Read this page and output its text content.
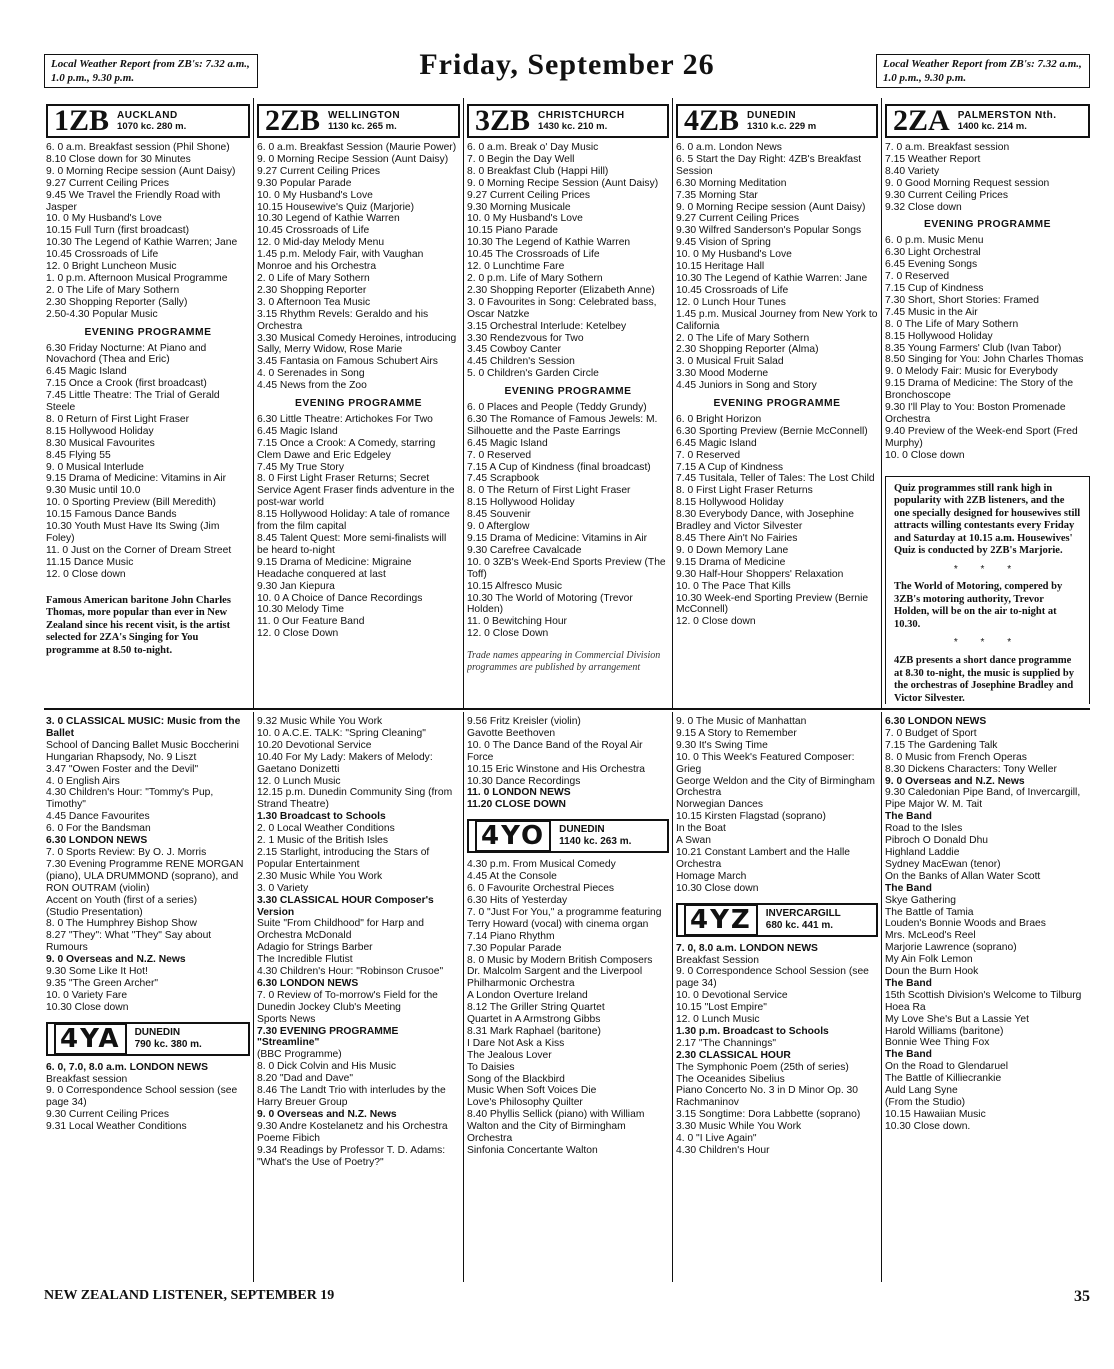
Local Weather Report from ZB's: 7.32 a.m., 1.0 p.m., 9.30 p.m.	Friday, September 26	Local Weather Report from ZB's: 7.32 a.m., 1.0 p.m., 9.30 p.m.
1ZB AUCKLAND
1070 kc. 280 m.
6. 0 a.m. Breakfast session (Phil Shone)
8.10 Close down for 30 Minutes
9. 0 Morning Recipe session (Aunt Daisy)
9.27 Current Ceiling Prices
9.45 We Travel the Friendly Road with Jasper
10. 0 My Husband's Love
10.15 Full Turn (first broadcast)
10.30 The Legend of Kathie Warren; Jane
10.45 Crossroads of Life
12. 0 Bright Luncheon Music
1. 0 p.m. Afternoon Musical Programme
2. 0 The Life of Mary Sothern
2.30 Shopping Reporter (Sally)
2.50-4.30 Popular Music
EVENING PROGRAMME
6.30 Friday Nocturne: At Piano and Novachord (Thea and Eric)
6.45 Magic Island
7.15 Once a Crook (first broadcast)
7.45 Little Theatre: The Trial of Gerald Steele
8. 0 Return of First Light Fraser
8.15 Hollywood Holiday
8.30 Musical Favourites
8.45 Flying 55
9. 0 Musical Interlude
9.15 Drama of Medicine: Vitamins in Air
9.30 Music until 10.0
10. 0 Sporting Preview (Bill Meredith)
10.15 Famous Dance Bands
10.30 Youth Must Have Its Swing (Jim Foley)
11. 0 Just on the Corner of Dream Street
11.15 Dance Music
12. 0 Close down
Famous American baritone John Charles Thomas, more popular than ever in New Zealand since his recent visit, is the artist selected for 2ZA's Singing for You programme at 8.50 to-night.
2ZB WELLINGTON
1130 kc. 265 m.
6. 0 a.m. Breakfast Session (Maurie Power)
9. 0 Morning Recipe Session (Aunt Daisy)
9.27 Current Ceiling Prices
9.30 Popular Parade
10. 0 My Husband's Love
10.15 Housewive's Quiz (Marjorie)
10.30 Legend of Kathie Warren
10.45 Crossroads of Life
12. 0 Mid-day Melody Menu
1.45 p.m. Melody Fair, with Vaughan Monroe and his Orchestra
2. 0 Life of Mary Sothern
2.30 Shopping Reporter
3. 0 Afternoon Tea Music
3.15 Rhythm Revels: Geraldo and his Orchestra
3.30 Musical Comedy Heroines, introducing Sally, Merry Widow, Rose Marie
3.45 Fantasia on Famous Schubert Airs
4. 0 Serenades in Song
4.45 News from the Zoo
EVENING PROGRAMME
6.30 Little Theatre: Artichokes For Two
6.45 Magic Island
7.15 Once a Crook: A Comedy, starring Clem Dawe and Eric Edgeley
7.45 My True Story
8. 0 First Light Fraser Returns; Secret Service Agent Fraser finds adventure in the post-war world
8.15 Hollywood Holiday: A tale of romance from the film capital
8.45 Talent Quest: More semi-finalists will be heard to-night
9.15 Drama of Medicine: Migraine Headache conquered at last
9.30 Jan Kiepura
10. 0 A Choice of Dance Recordings
10.30 Melody Time
11. 0 Our Feature Band
12. 0 Close Down
3ZB CHRISTCHURCH
1430 kc. 210 m.
6. 0 a.m. Break o' Day Music
7. 0 Begin the Day Well
8. 0 Breakfast Club (Happi Hill)
9. 0 Morning Recipe Session (Aunt Daisy)
9.27 Current Ceiling Prices
9.30 Morning Musicale
10. 0 My Husband's Love
10.15 Piano Parade
10.30 The Legend of Kathie Warren
10.45 The Crossroads of Life
12. 0 Lunchtime Fare
2. 0 p.m. Life of Mary Sothern
2.30 Shopping Reporter (Elizabeth Anne)
3. 0 Favourites in Song: Celebrated bass, Oscar Natzke
3.15 Orchestral Interlude: Ketelbey
3.30 Rendezvous for Two
3.45 Cowboy Canter
4.45 Children's Session
5. 0 Children's Garden Circle
EVENING PROGRAMME
6. 0 Places and People (Teddy Grundy)
6.30 The Romance of Famous Jewels: M. Silhouette and the Paste Earrings
6.45 Magic Island
7. 0 Reserved
7.15 A Cup of Kindness (final broadcast)
7.45 Scrapbook
8. 0 The Return of First Light Fraser
8.15 Hollywood Holiday
8.45 Souvenir
9. 0 Afterglow
9.15 Drama of Medicine: Vitamins in Air
9.30 Carefree Cavalcade
10. 0 3ZB's Week-End Sports Preview (The Toff)
10.15 Alfresco Music
10.30 The World of Motoring (Trevor Holden)
11. 0 Bewitching Hour
12. 0 Close Down
Trade names appearing in Commercial Division programmes are published by arrangement
4ZB DUNEDIN
1310 k.c. 229 m
6. 0 a.m. London News
6. 5 Start the Day Right: 4ZB's Breakfast Session
6.30 Morning Meditation
7.35 Morning Star
9. 0 Morning Recipe session (Aunt Daisy)
9.27 Current Ceiling Prices
9.30 Wilfred Sanderson's Popular Songs
9.45 Vision of Spring
10. 0 My Husband's Love
10.15 Heritage Hall
10.30 The Legend of Kathie Warren: Jane
10.45 Crossroads of Life
12. 0 Lunch Hour Tunes
1.45 p.m. Musical Journey from New York to California
2. 0 The Life of Mary Sothern
2.30 Shopping Reporter (Alma)
3. 0 Musical Fruit Salad
3.30 Mood Moderne
4.45 Juniors in Song and Story
EVENING PROGRAMME
6. 0 Bright Horizon
6.30 Sporting Preview (Bernie McConnell)
6.45 Magic Island
7. 0 Reserved
7.15 A Cup of Kindness
7.45 Tusitala, Teller of Tales: The Lost Child
8. 0 First Light Fraser Returns
8.15 Hollywood Holiday
8.30 Everybody Dance, with Josephine Bradley and Victor Silvester
8.45 There Ain't No Fairies
9. 0 Down Memory Lane
9.15 Drama of Medicine
9.30 Half-Hour Shoppers' Relaxation
10. 0 The Pace That Kills
10.30 Week-end Sporting Preview (Bernie McConnell)
12. 0 Close down
2ZA PALMERSTON Nth.
1400 kc. 214 m.
7. 0 a.m. Breakfast session
7.15 Weather Report
8.40 Variety
9. 0 Good Morning Request session
9.30 Current Ceiling Prices
9.32 Close down
EVENING PROGRAMME
6. 0 p.m. Music Menu
6.30 Light Orchestral
6.45 Evening Songs
7. 0 Reserved
7.15 Cup of Kindness
7.30 Short, Short Stories: Framed
7.45 Music in the Air
8. 0 The Life of Mary Sothern
8.15 Hollywood Holiday
8.35 Young Farmers' Club (Ivan Tabor)
8.50 Singing for You: John Charles Thomas
9. 0 Melody Fair: Music for Everybody
9.15 Drama of Medicine: The Story of the Bronchoscope
9.30 I'll Play to You: Boston Promenade Orchestra
9.40 Preview of the Week-end Sport (Fred Murphy)
10. 0 Close down
Quiz programmes still rank high in popularity with 2ZB listeners, and the one specially designed for housewives still attracts willing contestants every Friday and Saturday at 10.15 a.m. Housewives' Quiz is conducted by 2ZB's Marjorie.
* * *
The World of Motoring, compered by 3ZB's motoring authority, Trevor Holden, will be on the air to-night at 10.30.
* * *
4ZB presents a short dance programme at 8.30 to-night, the music is supplied by the orchestras of Josephine Bradley and Victor Silvester.
3. 0 CLASSICAL MUSIC: Music from the Ballet
School of Dancing Ballet Music Boccherini
Hungarian Rhapsody, No. 9 Liszt
3.47 "Owen Foster and the Devil"
4. 0 English Airs
4.30 Children's Hour: "Tommy's Pup, Timothy"
4.45 Dance Favourites
6. 0 For the Bandsman
6.30 LONDON NEWS
7. 0 Sports Review: By O. J. Morris
7.30 Evening Programme RENE MORGAN (piano), ULA DRUMMOND (soprano), and RON OUTRAM (violin)
Accent on Youth (first of a series)
(Studio Presentation)
8. 0 The Humphrey Bishop Show
8.27 "They": What "They" Say about Rumours
9. 0 Overseas and N.Z. News
9.30 Some Like It Hot!
9.35 "The Green Archer"
10. 0 Variety Fare
10.30 Close down
4YA	DUNEDIN
790 kc. 380 m.
6. 0, 7.0, 8.0 a.m. LONDON NEWS
Breakfast session
9. 0 Correspondence School session (see page 34)
9.30 Current Ceiling Prices
9.31 Local Weather Conditions
9.32 Music While You Work
10. 0 A.C.E. TALK: "Spring Cleaning"
10.20 Devotional Service
10.40 For My Lady: Makers of Melody: Gaetano Donizetti
12. 0 Lunch Music
12.15 p.m. Dunedin Community Sing (from Strand Theatre)
1.30 Broadcast to Schools
2. 0 Local Weather Conditions
2. 1 Music of the British Isles
2.15 Starlight, introducing the Stars of Popular Entertainment
2.30 Music While You Work
3. 0 Variety
3.30 CLASSICAL HOUR Composer's Version
Suite "From Childhood" for Harp and Orchestra McDonald
Adagio for Strings Barber
The Incredible Flutist
4.30 Children's Hour: "Robinson Crusoe"
6.30 LONDON NEWS
7. 0 Review of To-morrow's Field for the Dunedin Jockey Club's Meeting
Sports News
7.30 EVENING PROGRAMME "Streamline"
(BBC Programme)
8. 0 Dick Colvin and His Music
8.20 "Dad and Dave"
8.46 The Landt Trio with interludes by the Harry Breuer Group
9. 0 Overseas and N.Z. News
9.30 Andre Kostelanetz and his Orchestra
Poeme Fibich
9.34 Readings by Professor T. D. Adams: "What's the Use of Poetry?"
9.56 Fritz Kreisler (violin)
Gavotte Beethoven
10. 0 The Dance Band of the Royal Air Force
10.15 Eric Winstone and His Orchestra
10.30 Dance Recordings
11. 0 LONDON NEWS
11.20 CLOSE DOWN
4YO	DUNEDIN
1140 kc. 263 m.
4.30 p.m. From Musical Comedy
4.45 At the Console
6. 0 Favourite Orchestral Pieces
6.30 Hits of Yesterday
7. 0 "Just For You," a programme featuring Terry Howard (vocal) with cinema organ
7.14 Piano Rhythm
7.30 Popular Parade
8. 0 Music by Modern British Composers
Dr. Malcolm Sargent and the Liverpool Philharmonic Orchestra
A London Overture Ireland
8.12 The Griller String Quartet
Quartet in A Armstrong Gibbs
8.31 Mark Raphael (baritone)
I Dare Not Ask a Kiss
The Jealous Lover
To Daisies
Song of the Blackbird
Music When Soft Voices Die
Love's Philosophy Quilter
8.40 Phyllis Sellick (piano) with William Walton and the City of Birmingham Orchestra
Sinfonia Concertante Walton
9. 0 The Music of Manhattan
9.15 A Story to Remember
9.30 It's Swing Time
10. 0 This Week's Featured Composer: Grieg
George Weldon and the City of Birmingham Orchestra
Norwegian Dances
10.15 Kirsten Flagstad (soprano)
In the Boat
A Swan
10.21 Constant Lambert and the Halle Orchestra
Homage March
10.30 Close down
4YZ	INVERCARGILL
680 kc. 441 m.
7. 0, 8.0 a.m. LONDON NEWS
Breakfast Session
9. 0 Correspondence School Session (see page 34)
10. 0 Devotional Service
10.15 "Lost Empire"
12. 0 Lunch Music
1.30 p.m. Broadcast to Schools
2.17 "The Channings"
2.30 CLASSICAL HOUR
The Symphonic Poem (25th of series)
The Oceanides Sibelius
Piano Concerto No. 3 in D Minor Op. 30 Rachmaninov
3.15 Songtime: Dora Labbette (soprano)
3.30 Music While You Work
4. 0 "I Live Again"
4.30 Children's Hour
6.30 LONDON NEWS
7. 0 Budget of Sport
7.15 The Gardening Talk
8. 0 Music from French Operas
8.30 Dickens Characters: Tony Weller
9. 0 Overseas and N.Z. News
9.30 Caledonian Pipe Band, of Invercargill, Pipe Major W. M. Tait
The Band
Road to the Isles
Pibroch O Donald Dhu
Highland Laddie
Sydney MacEwan (tenor)
On the Banks of Allan Water Scott
The Band
Skye Gathering
The Battle of Tamia
Louden's Bonnie Woods and Braes
Mrs. McLeod's Reel
Marjorie Lawrence (soprano)
My Ain Folk Lemon
Doun the Burn Hook
The Band
15th Scottish Division's Welcome to Tilburg
Hoea Ra
My Love She's But a Lassie Yet
Harold Williams (baritone)
Bonnie Wee Thing Fox
The Band
On the Road to Glendaruel
The Battle of Killiecrankie
Auld Lang Syne
(From the Studio)
10.15 Hawaiian Music
10.30 Close down.
NEW ZEALAND LISTENER, SEPTEMBER 19	35
